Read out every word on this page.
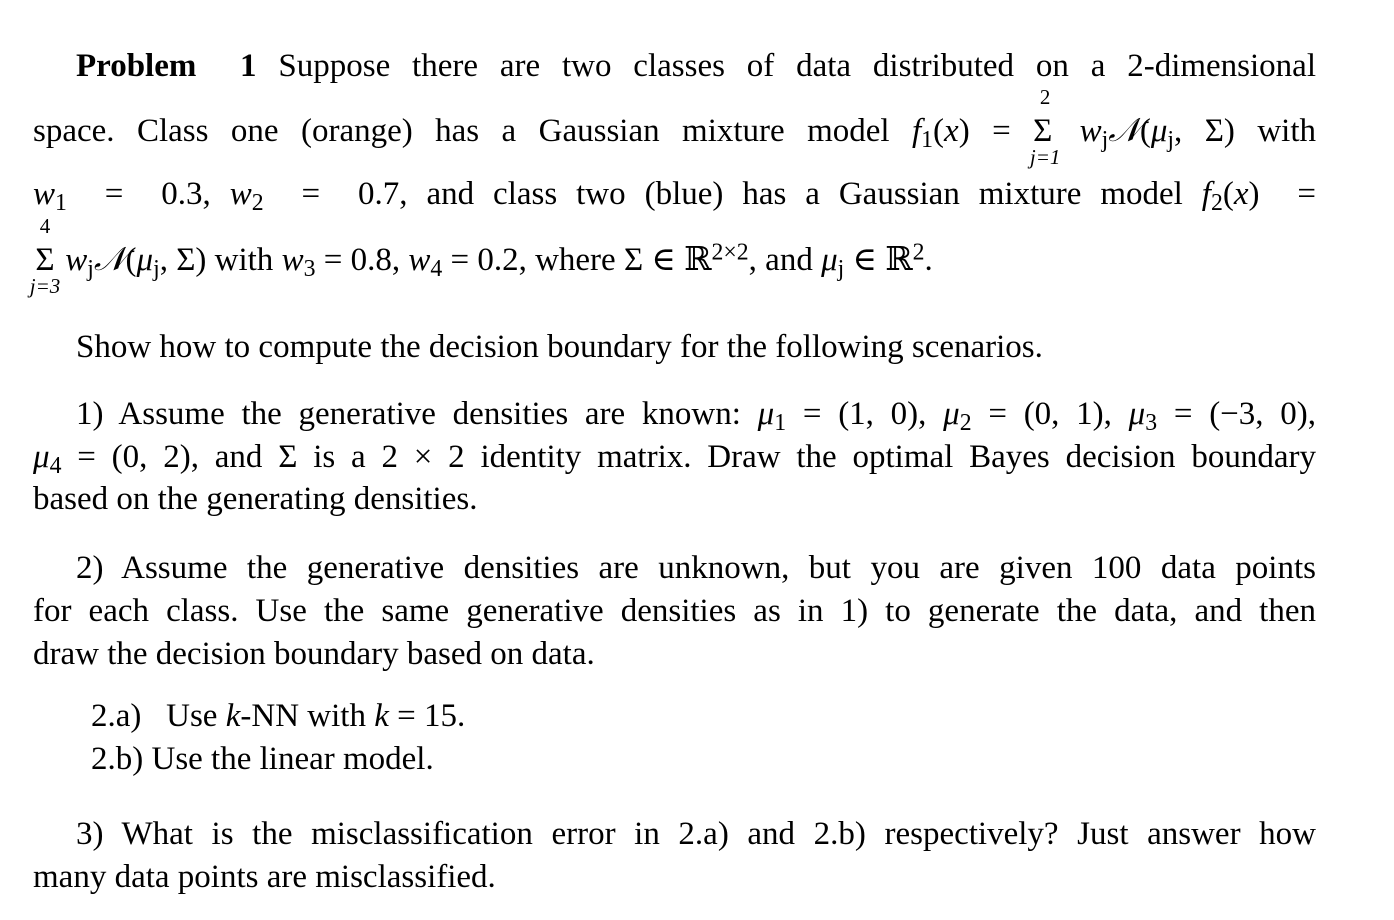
Problem  1 Suppose there are two classes of data distributed on a 2-dimensional
space. Class one (orange) has a Gaussian mixture model $f_1(x) = \Sigma$
2
j=1
$w_j𝒩(\mu_j$, Σ) with
$w_1 = 0.3$, $w_2 = 0.7$, and class two (blue) has a Gaussian mixture model $f_2(x)$  =
Σ
4
j=3
$w_j𝒩(\mu_j$, Σ) with $w_3 = 0.8$, $w_4 = 0.2$, where Σ ∈ ℝ$^{2\times 2}$, and $\mu_j$ ∈ ℝ$^2$.
Show how to compute the decision boundary for the following scenarios.
1) Assume the generative densities are known: $\mu_1 = (1$, 0), $\mu_2 = (0$, 1), $\mu_3 = (-3$, 0),
$\mu_4 = (0$, 2), and Σ is a 2 × 2 identity matrix. Draw the optimal Bayes decision boundary
based on the generating densities.
2) Assume the generative densities are unknown, but you are given 100 data points
for each class. Use the same generative densities as in 1) to generate the data, and then
draw the decision boundary based on data.
2.a)   Use k-NN with k = 15.
2.b) Use the linear model.
3) What is the misclassification error in 2.a) and 2.b) respectively? Just answer how
many data points are misclassified.
